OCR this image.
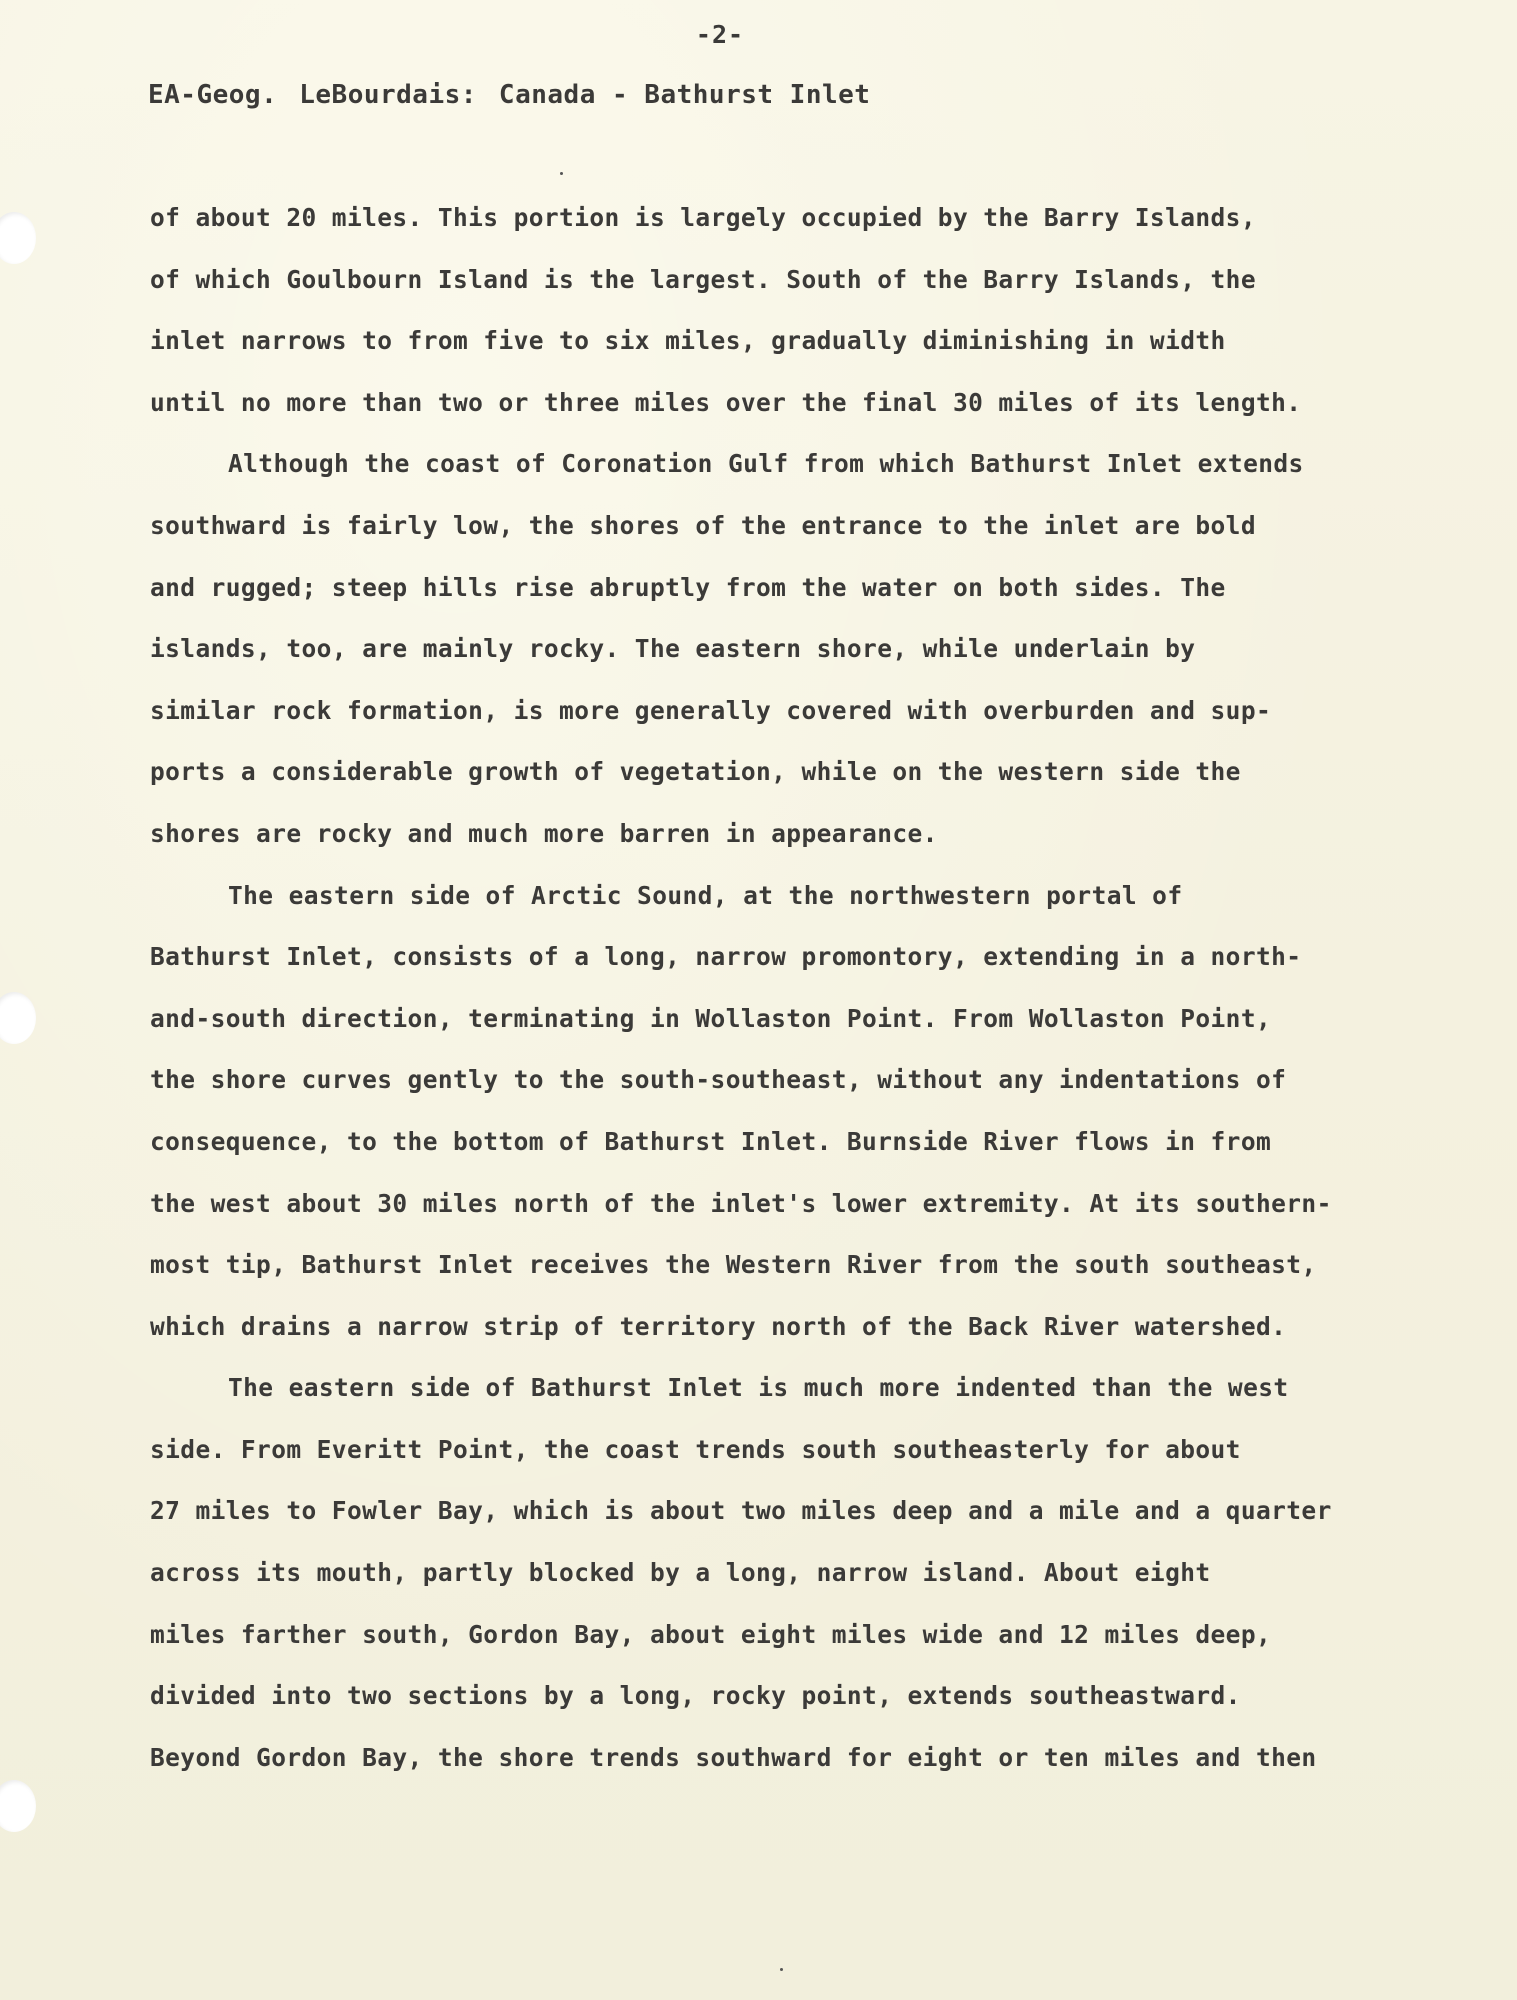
-2-
EA-Geog. LeBourdais: Canada - Bathurst Inlet
of about 20 miles. This portion is largely occupied by the Barry Islands,
of which Goulbourn Island is the largest. South of the Barry Islands, the
inlet narrows to from five to six miles, gradually diminishing in width
until no more than two or three miles over the final 30 miles of its length.
Although the coast of Coronation Gulf from which Bathurst Inlet extends
southward is fairly low, the shores of the entrance to the inlet are bold
and rugged; steep hills rise abruptly from the water on both sides. The
islands, too, are mainly rocky. The eastern shore, while underlain by
similar rock formation, is more generally covered with overburden and sup-
ports a considerable growth of vegetation, while on the western side the
shores are rocky and much more barren in appearance.
The eastern side of Arctic Sound, at the northwestern portal of
Bathurst Inlet, consists of a long, narrow promontory, extending in a north-
and-south direction, terminating in Wollaston Point. From Wollaston Point,
the shore curves gently to the south-southeast, without any indentations of
consequence, to the bottom of Bathurst Inlet. Burnside River flows in from
the west about 30 miles north of the inlet's lower extremity. At its southern-
most tip, Bathurst Inlet receives the Western River from the south southeast,
which drains a narrow strip of territory north of the Back River watershed.
The eastern side of Bathurst Inlet is much more indented than the west
side. From Everitt Point, the coast trends south southeasterly for about
27 miles to Fowler Bay, which is about two miles deep and a mile and a quarter
across its mouth, partly blocked by a long, narrow island. About eight
miles farther south, Gordon Bay, about eight miles wide and 12 miles deep,
divided into two sections by a long, rocky point, extends southeastward.
Beyond Gordon Bay, the shore trends southward for eight or ten miles and then
